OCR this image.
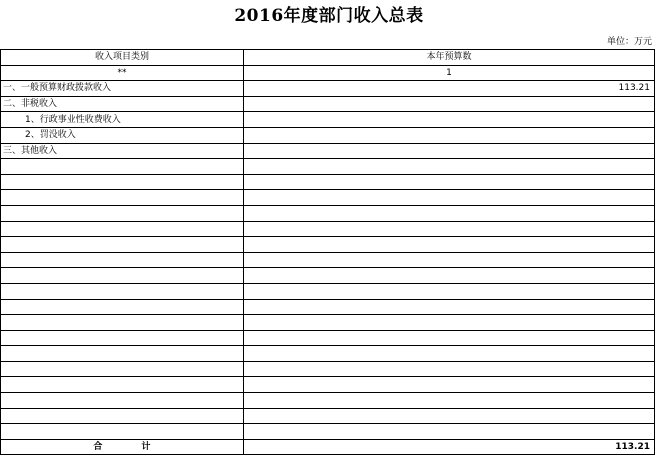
2016年度部门收入总表
单位：万元
收入项目类别	本年预算数
**	1
一、一般预算财政拨款收入	113.21
二、非税收入	
1、行政事业性收费收入	
2、罚没收入	
三、其他收入	

合 计	113.21
